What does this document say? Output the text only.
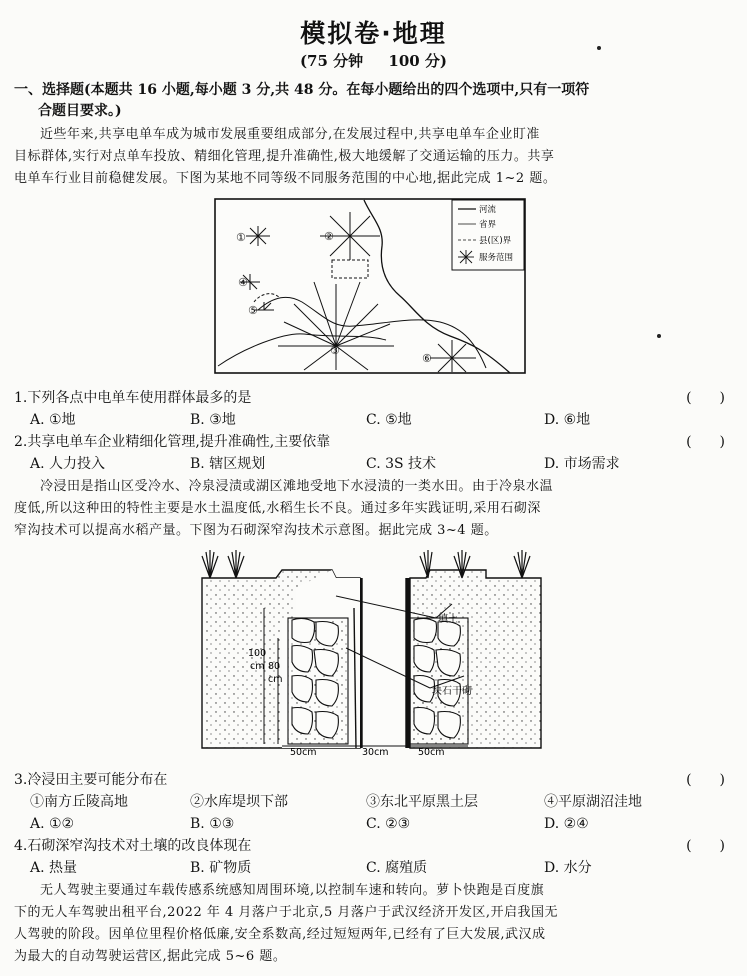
模拟卷·地理
(75 分钟 100 分)
一、选择题(本题共 16 小题,每小题 3 分,共 48 分。在每小题给出的四个选项中,只有一项符
合题目要求。)
近些年来,共享电单车成为城市发展重要组成部分,在发展过程中,共享电单车企业盯准
目标群体,实行对点单车投放、精细化管理,提升准确性,极大地缓解了交通运输的压力。共享
电单车行业目前稳健发展。下图为某地不同等级不同服务范围的中心地,据此完成 1~2 题。
①	②
③
④
⑤
⑥
河流
省界
县(区)界
服务范围
1.下列各点中电单车使用群体最多的是	(　　)
A. ①地	B. ③地	C. ⑤地	D. ⑥地
2.共享电单车企业精细化管理,提升准确性,主要依靠	(　　)
A. 人力投入	B. 辖区规划	C. 3S 技术	D. 市场需求
冷浸田是指山区受冷水、冷泉浸渍或湖区滩地受地下水浸渍的一类水田。由于冷泉水温
度低,所以这种田的特性主要是水土温度低,水稻生长不良。通过多年实践证明,采用石砌深
窄沟技术可以提高水稻产量。下图为石砌深窄沟技术示意图。据此完成 3~4 题。
填土
块石干砌
100
cm 80
cm
50cm	30cm	50cm
3.冷浸田主要可能分布在	(　　)
①南方丘陵高地	②水库堤坝下部	③东北平原黑土层	④平原湖沼洼地
A. ①②	B. ①③	C. ②③	D. ②④
4.石砌深窄沟技术对土壤的改良体现在	(　　)
A. 热量	B. 矿物质	C. 腐殖质	D. 水分
无人驾驶主要通过车载传感系统感知周围环境,以控制车速和转向。萝卜快跑是百度旗
下的无人车驾驶出租平台,2022 年 4 月落户于北京,5 月落户于武汉经济开发区,开启我国无
人驾驶的阶段。因单位里程价格低廉,安全系数高,经过短短两年,已经有了巨大发展,武汉成
为最大的自动驾驶运营区,据此完成 5~6 题。
